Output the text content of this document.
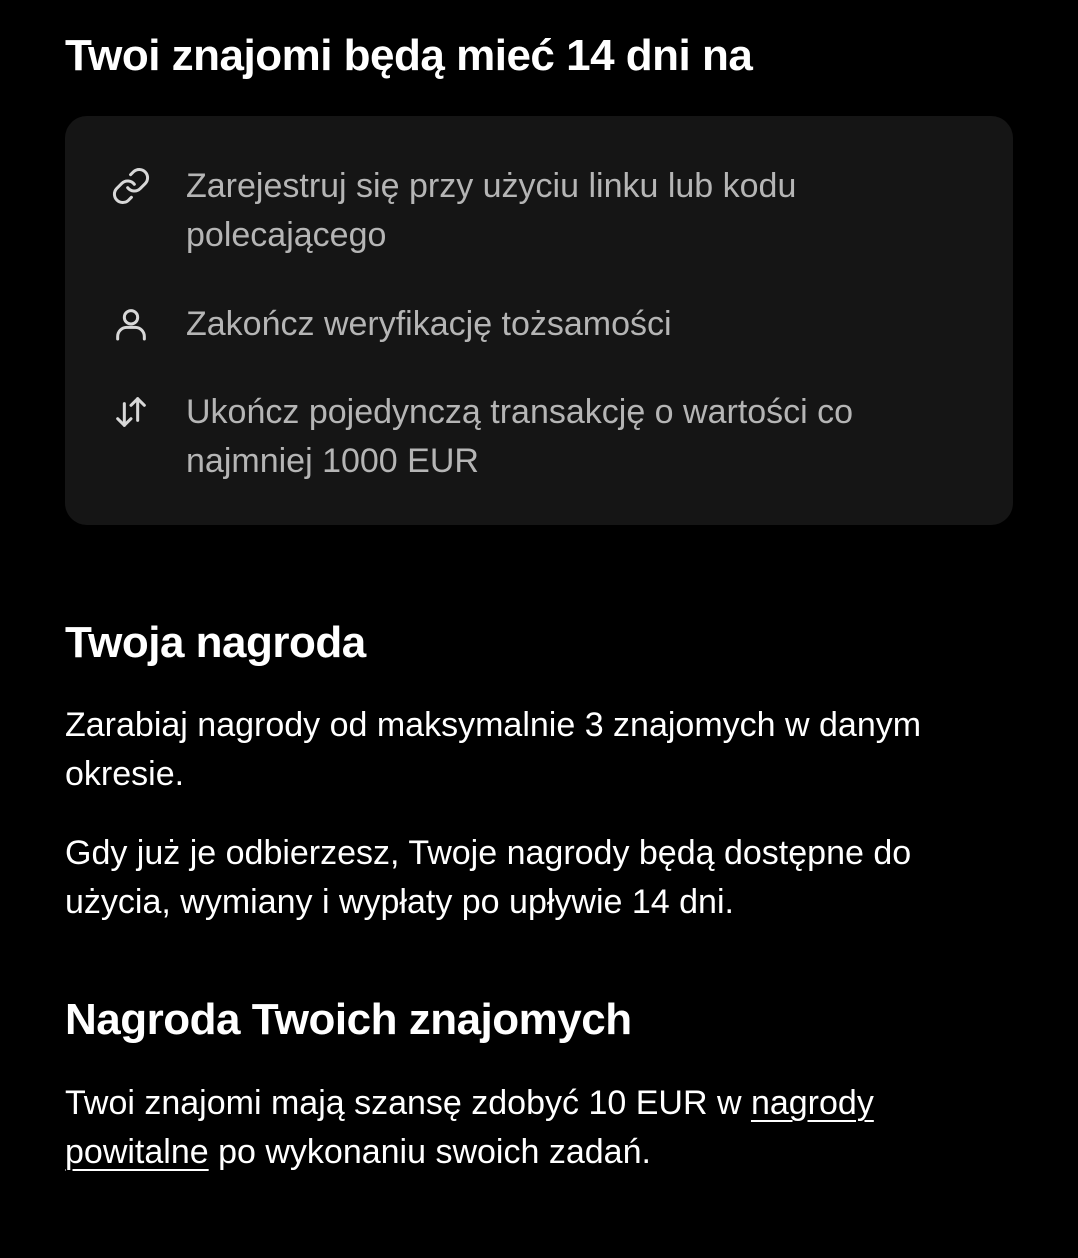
Twoi znajomi będą mieć 14 dni na
Zarejestruj się przy użyciu linku lub kodu polecającego
Zakończ weryfikację tożsamości
Ukończ pojedynczą transakcję o wartości co najmniej 1000 EUR
Twoja nagroda

Zarabiaj nagrody od maksymalnie 3 znajomych w danym okresie.

Gdy już je odbierzesz, Twoje nagrody będą dostępne do użycia, wymiany i wypłaty po upływie 14 dni.

Nagroda Twoich znajomych

Twoi znajomi mają szansę zdobyć 10 EUR w nagrody powitalne po wykonaniu swoich zadań.
